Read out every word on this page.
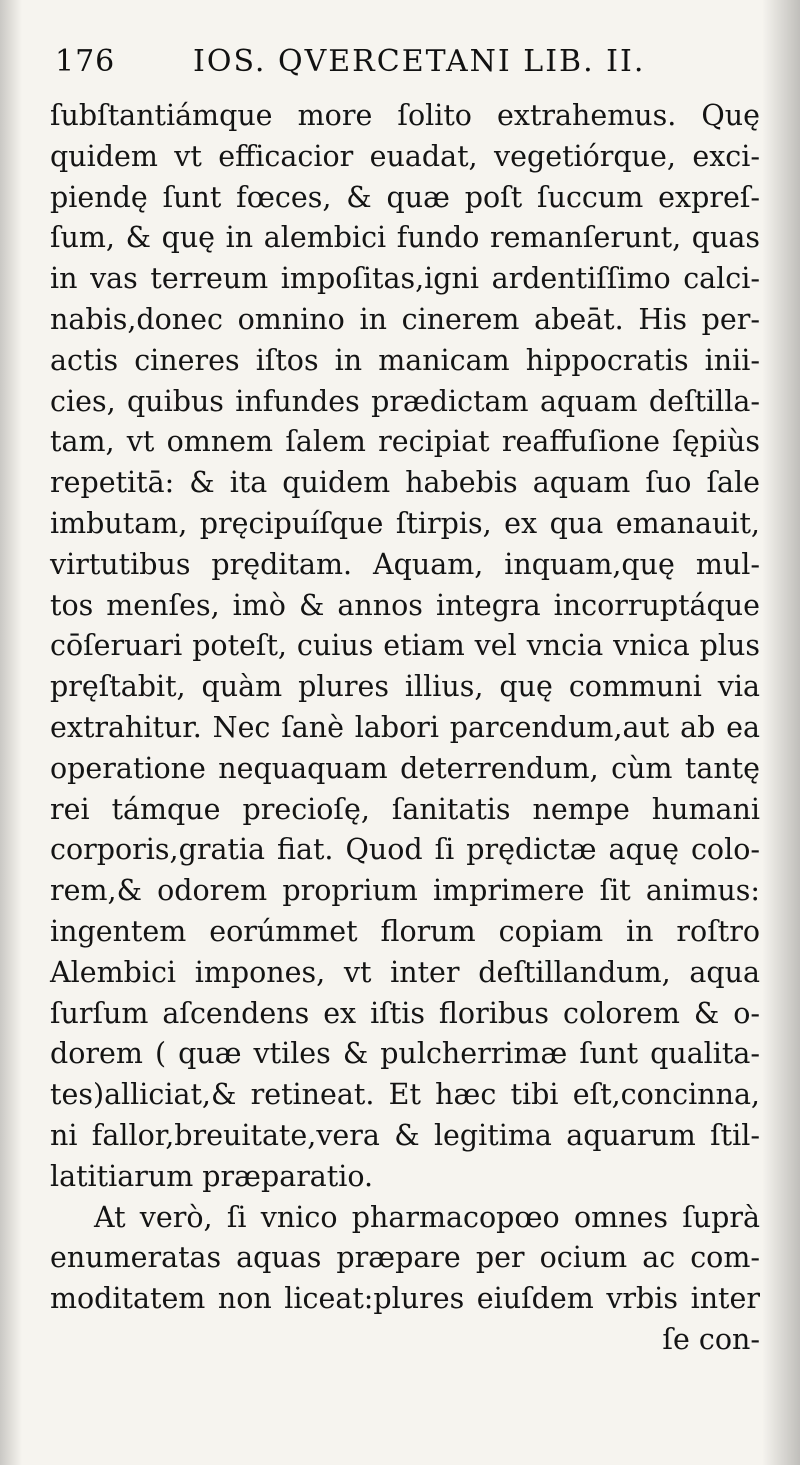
176	IOS. QVERCETANI LIB. II.
ſubſtantiámque more ſolito extrahemus. Quę
quidem vt efficacior euadat, vegetiórque, exci-
piendę ſunt fœces, & quæ poſt ſuccum expreſ-
ſum, & quę in alembici fundo remanſerunt, quas
in vas terreum impoſitas,igni ardentiſſimo calci-
nabis,donec omnino in cinerem abeāt. His per-
actis cineres iſtos in manicam hippocratis inii-
cies, quibus infundes prædictam aquam deſtilla-
tam, vt omnem ſalem recipiat reaffuſione ſępiùs
repetitā: & ita quidem habebis aquam ſuo ſale
imbutam, pręcipuíſque ſtirpis, ex qua emanauit,
virtutibus pręditam. Aquam, inquam,quę mul-
tos menſes, imò & annos integra incorruptáque
cōſeruari poteſt, cuius etiam vel vncia vnica plus
pręſtabit, quàm plures illius, quę communi via
extrahitur. Nec ſanè labori parcendum,aut ab ea
operatione nequaquam deterrendum, cùm tantę
rei támque precioſę, ſanitatis nempe humani
corporis,gratia fiat. Quod ſi prędictæ aquę colo-
rem,& odorem proprium imprimere ſit animus:
ingentem eorúmmet florum copiam in roſtro
Alembici impones, vt inter deſtillandum, aqua
ſurſum aſcendens ex iſtis floribus colorem & o-
dorem ( quæ vtiles & pulcherrimæ ſunt qualita-
tes)alliciat,& retineat. Et hæc tibi eſt,concinna,
ni fallor,breuitate,vera & legitima aquarum ſtil-
latitiarum præparatio.
At verò, ſi vnico pharmacopœo omnes ſuprà
enumeratas aquas præpare per ocium ac com-
moditatem non liceat:plures eiuſdem vrbis inter
ſe con-
